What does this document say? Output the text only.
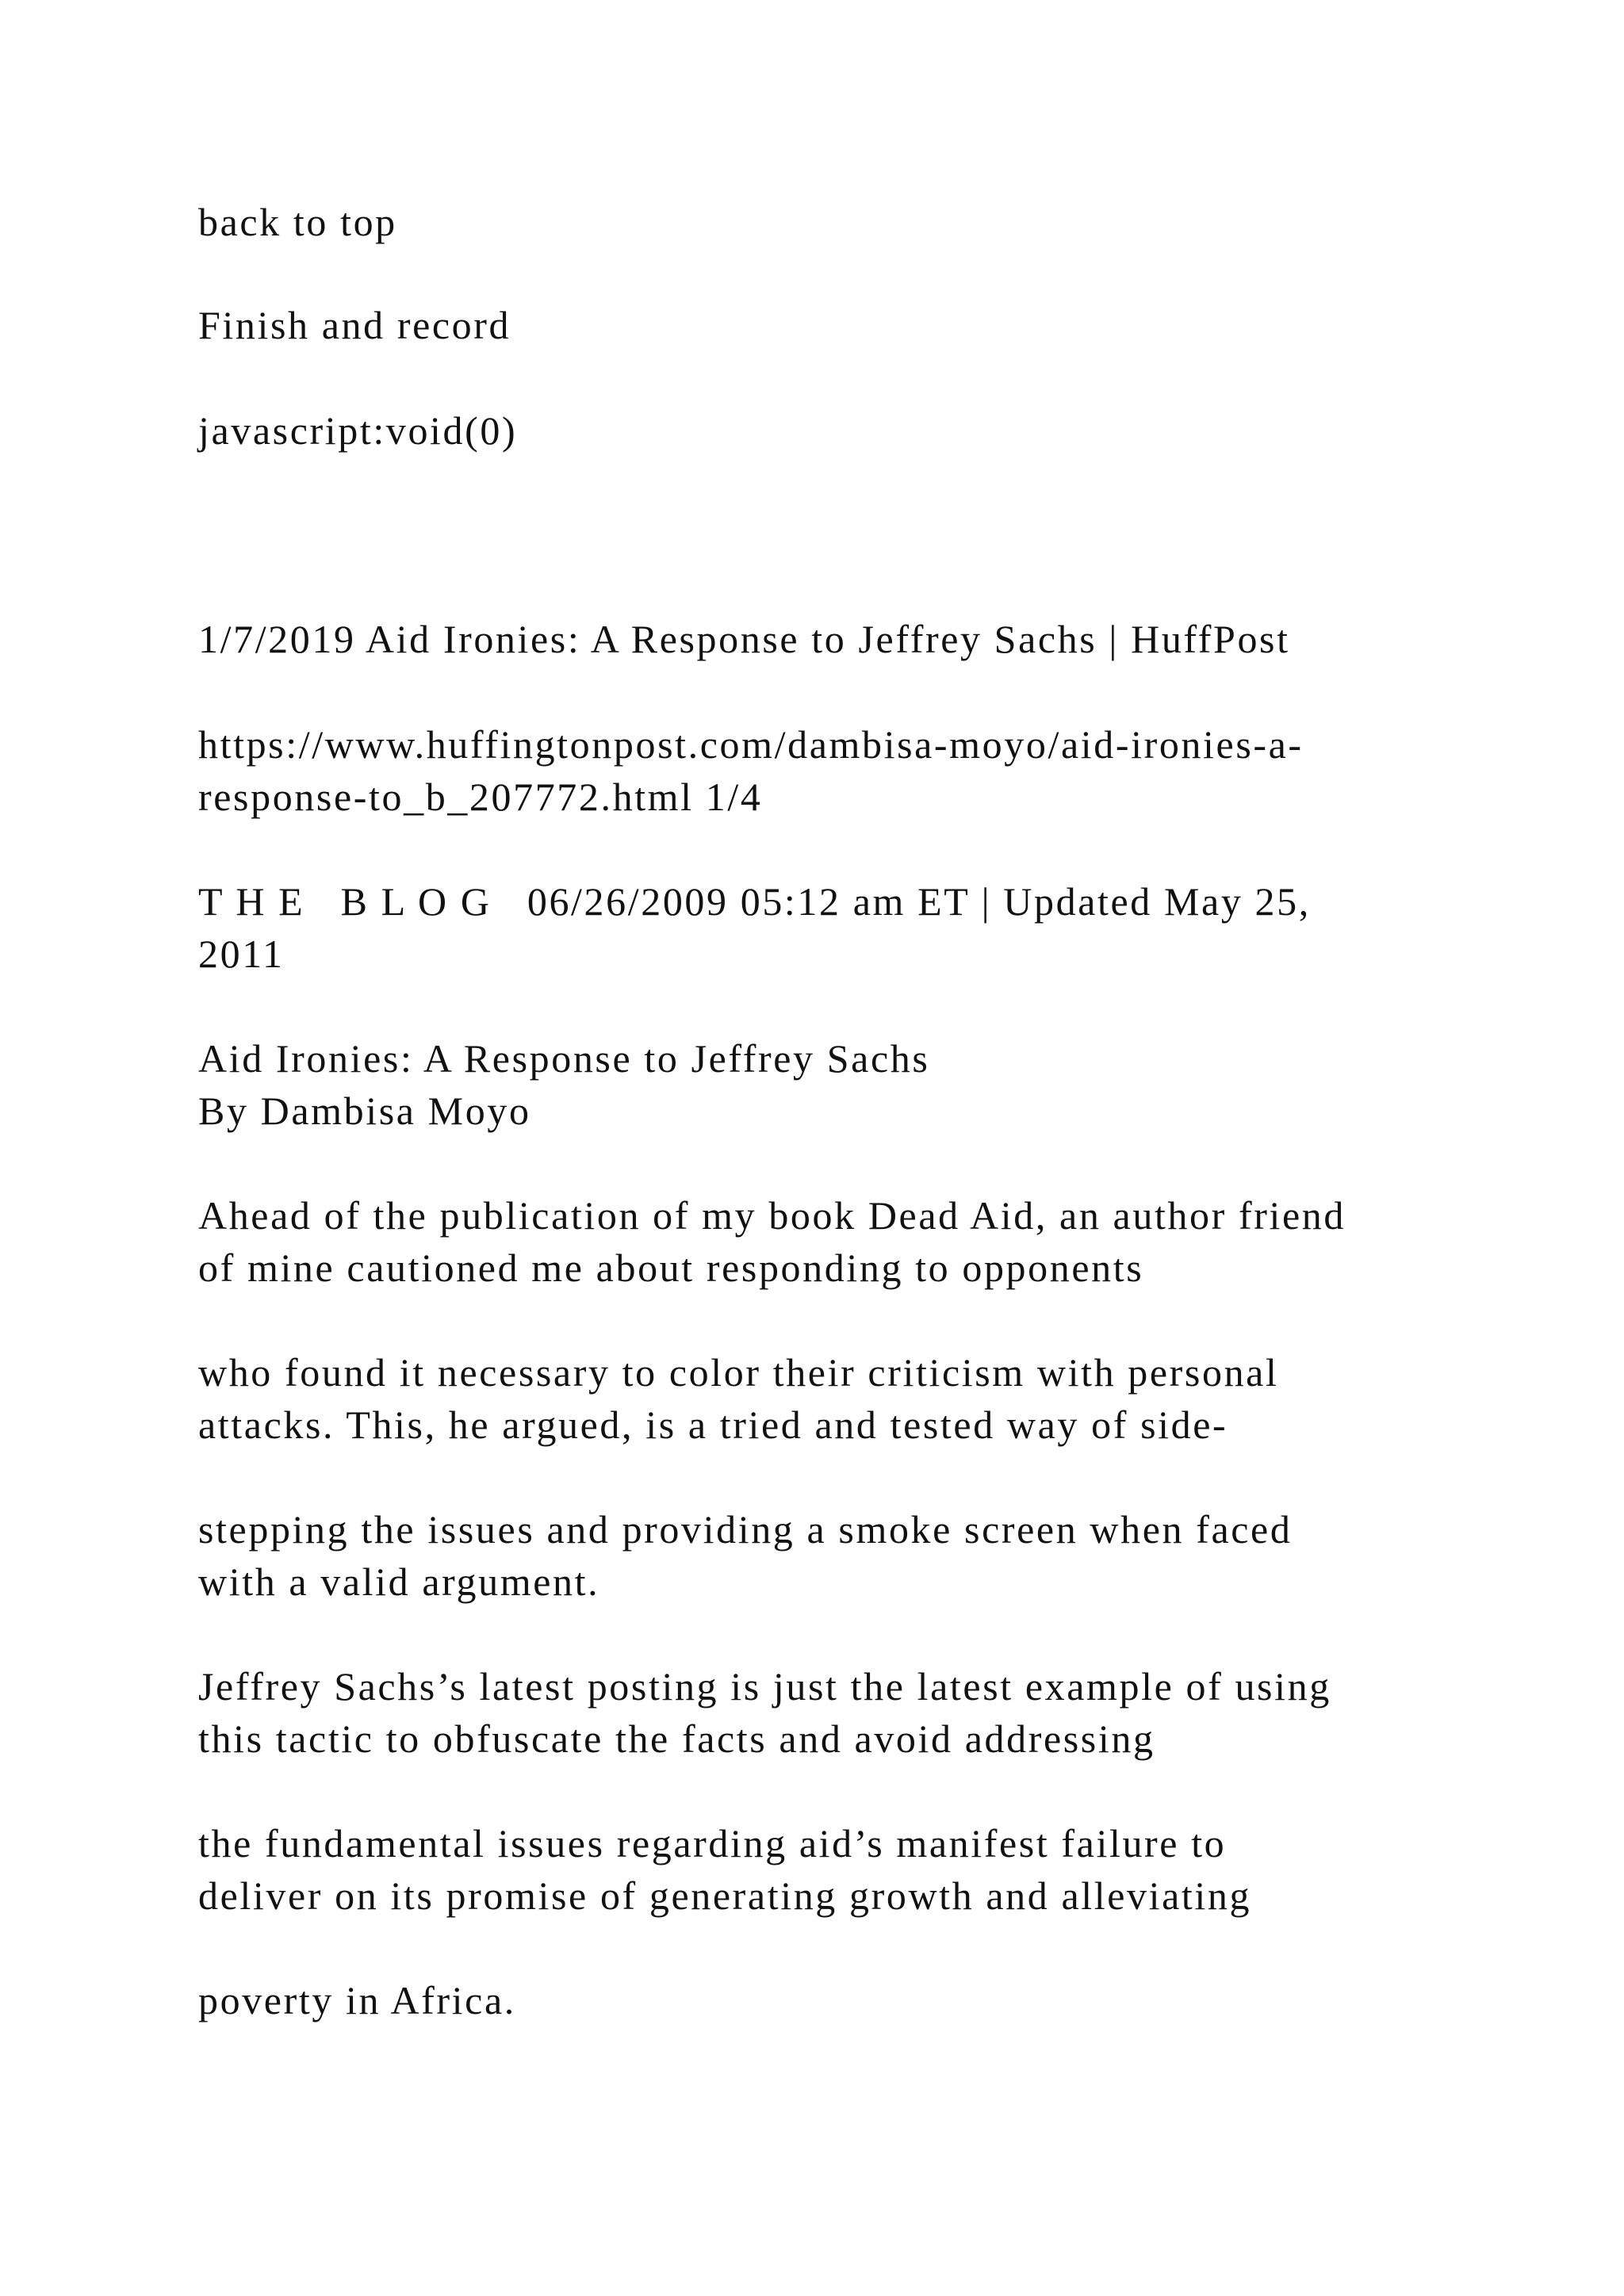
back to top
Finish and record
javascript:void(0)

1/7/2019 Aid Ironies: A Response to Jeffrey Sachs | HuffPost

https://www.huffingtonpost.com/dambisa-moyo/aid-ironies-a-

response-to_b_207772.html 1/4

T H E   B L O G   06/26/2009 05:12 am ET | Updated May 25,

2011

Aid Ironies: A Response to Jeffrey Sachs

By Dambisa Moyo

Ahead of the publication of my book Dead Aid, an author friend

of mine cautioned me about responding to opponents

who found it necessary to color their criticism with personal

attacks. This, he argued, is a tried and tested way of side-

stepping the issues and providing a smoke screen when faced

with a valid argument.

Jeffrey Sachs’s latest posting is just the latest example of using

this tactic to obfuscate the facts and avoid addressing

the fundamental issues regarding aid’s manifest failure to

deliver on its promise of generating growth and alleviating

poverty in Africa.
